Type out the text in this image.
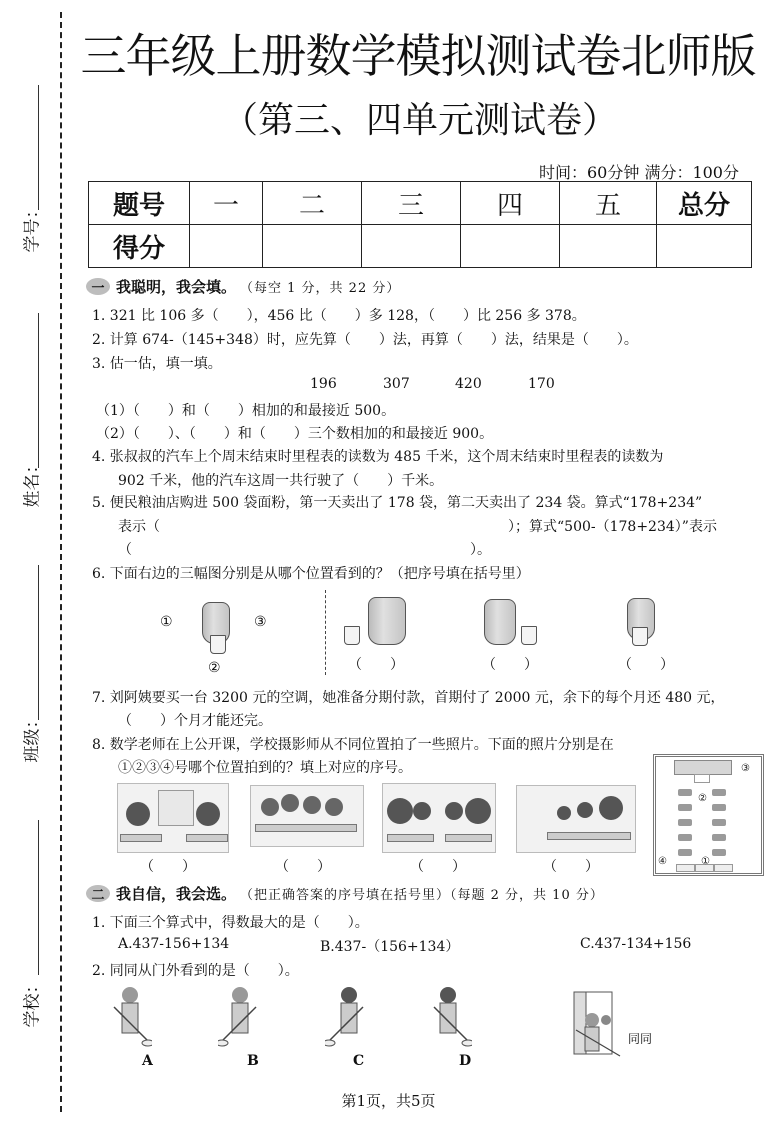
学号：
姓名：
班级：
学校：
三年级上册数学模拟测试卷北师版
（第三、四单元测试卷）
时间：60分钟 满分：100分
题号	一	二	三	四	五	总分
得分						
一 我聪明，我会填。 （每空 1 分，共 22 分）
1. 321 比 106 多（　　），456 比（　　）多 128，（　　）比 256 多 378。
2. 计算 674-（145+348）时，应先算（　　）法，再算（　　）法，结果是（　　）。
3. 估一估，填一填。
196	307	420	170
（1）（　　）和（　　）相加的和最接近 500。
（2）（　　）、（　　）和（　　）三个数相加的和最接近 900。
4. 张叔叔的汽车上个周末结束时里程表的读数为 485 千米，这个周末结束时里程表的读数为
902 千米，他的汽车这周一共行驶了（　　）千米。
5. 便民粮油店购进 500 袋面粉，第一天卖出了 178 袋，第二天卖出了 234 袋。算式“178+234”
表示（	）；算式“500-（178+234）”表示
（	）。
6. 下面右边的三幅图分别是从哪个位置看到的？（把序号填在括号里）
①
②
③
（　　）	（　　）	（　　）
7. 刘阿姨要买一台 3200 元的空调，她准备分期付款，首期付了 2000 元，余下的每个月还 480 元，
（　　）个月才能还完。
8. 数学老师在上公开课，学校摄影师从不同位置拍了一些照片。下面的照片分别是在
①②③④号哪个位置拍到的？填上对应的序号。
（　　）	（　　）	（　　）	（　　）	①
②
③
④
二 我自信，我会选。 （把正确答案的序号填在括号里）（每题 2 分，共 10 分）
1. 下面三个算式中，得数最大的是（　　）。
A.437-156+134	B.437-（156+134）	C.437-134+156
2. 同同从门外看到的是（　　）。
A	B	C	D
同同
第1页，共5页
